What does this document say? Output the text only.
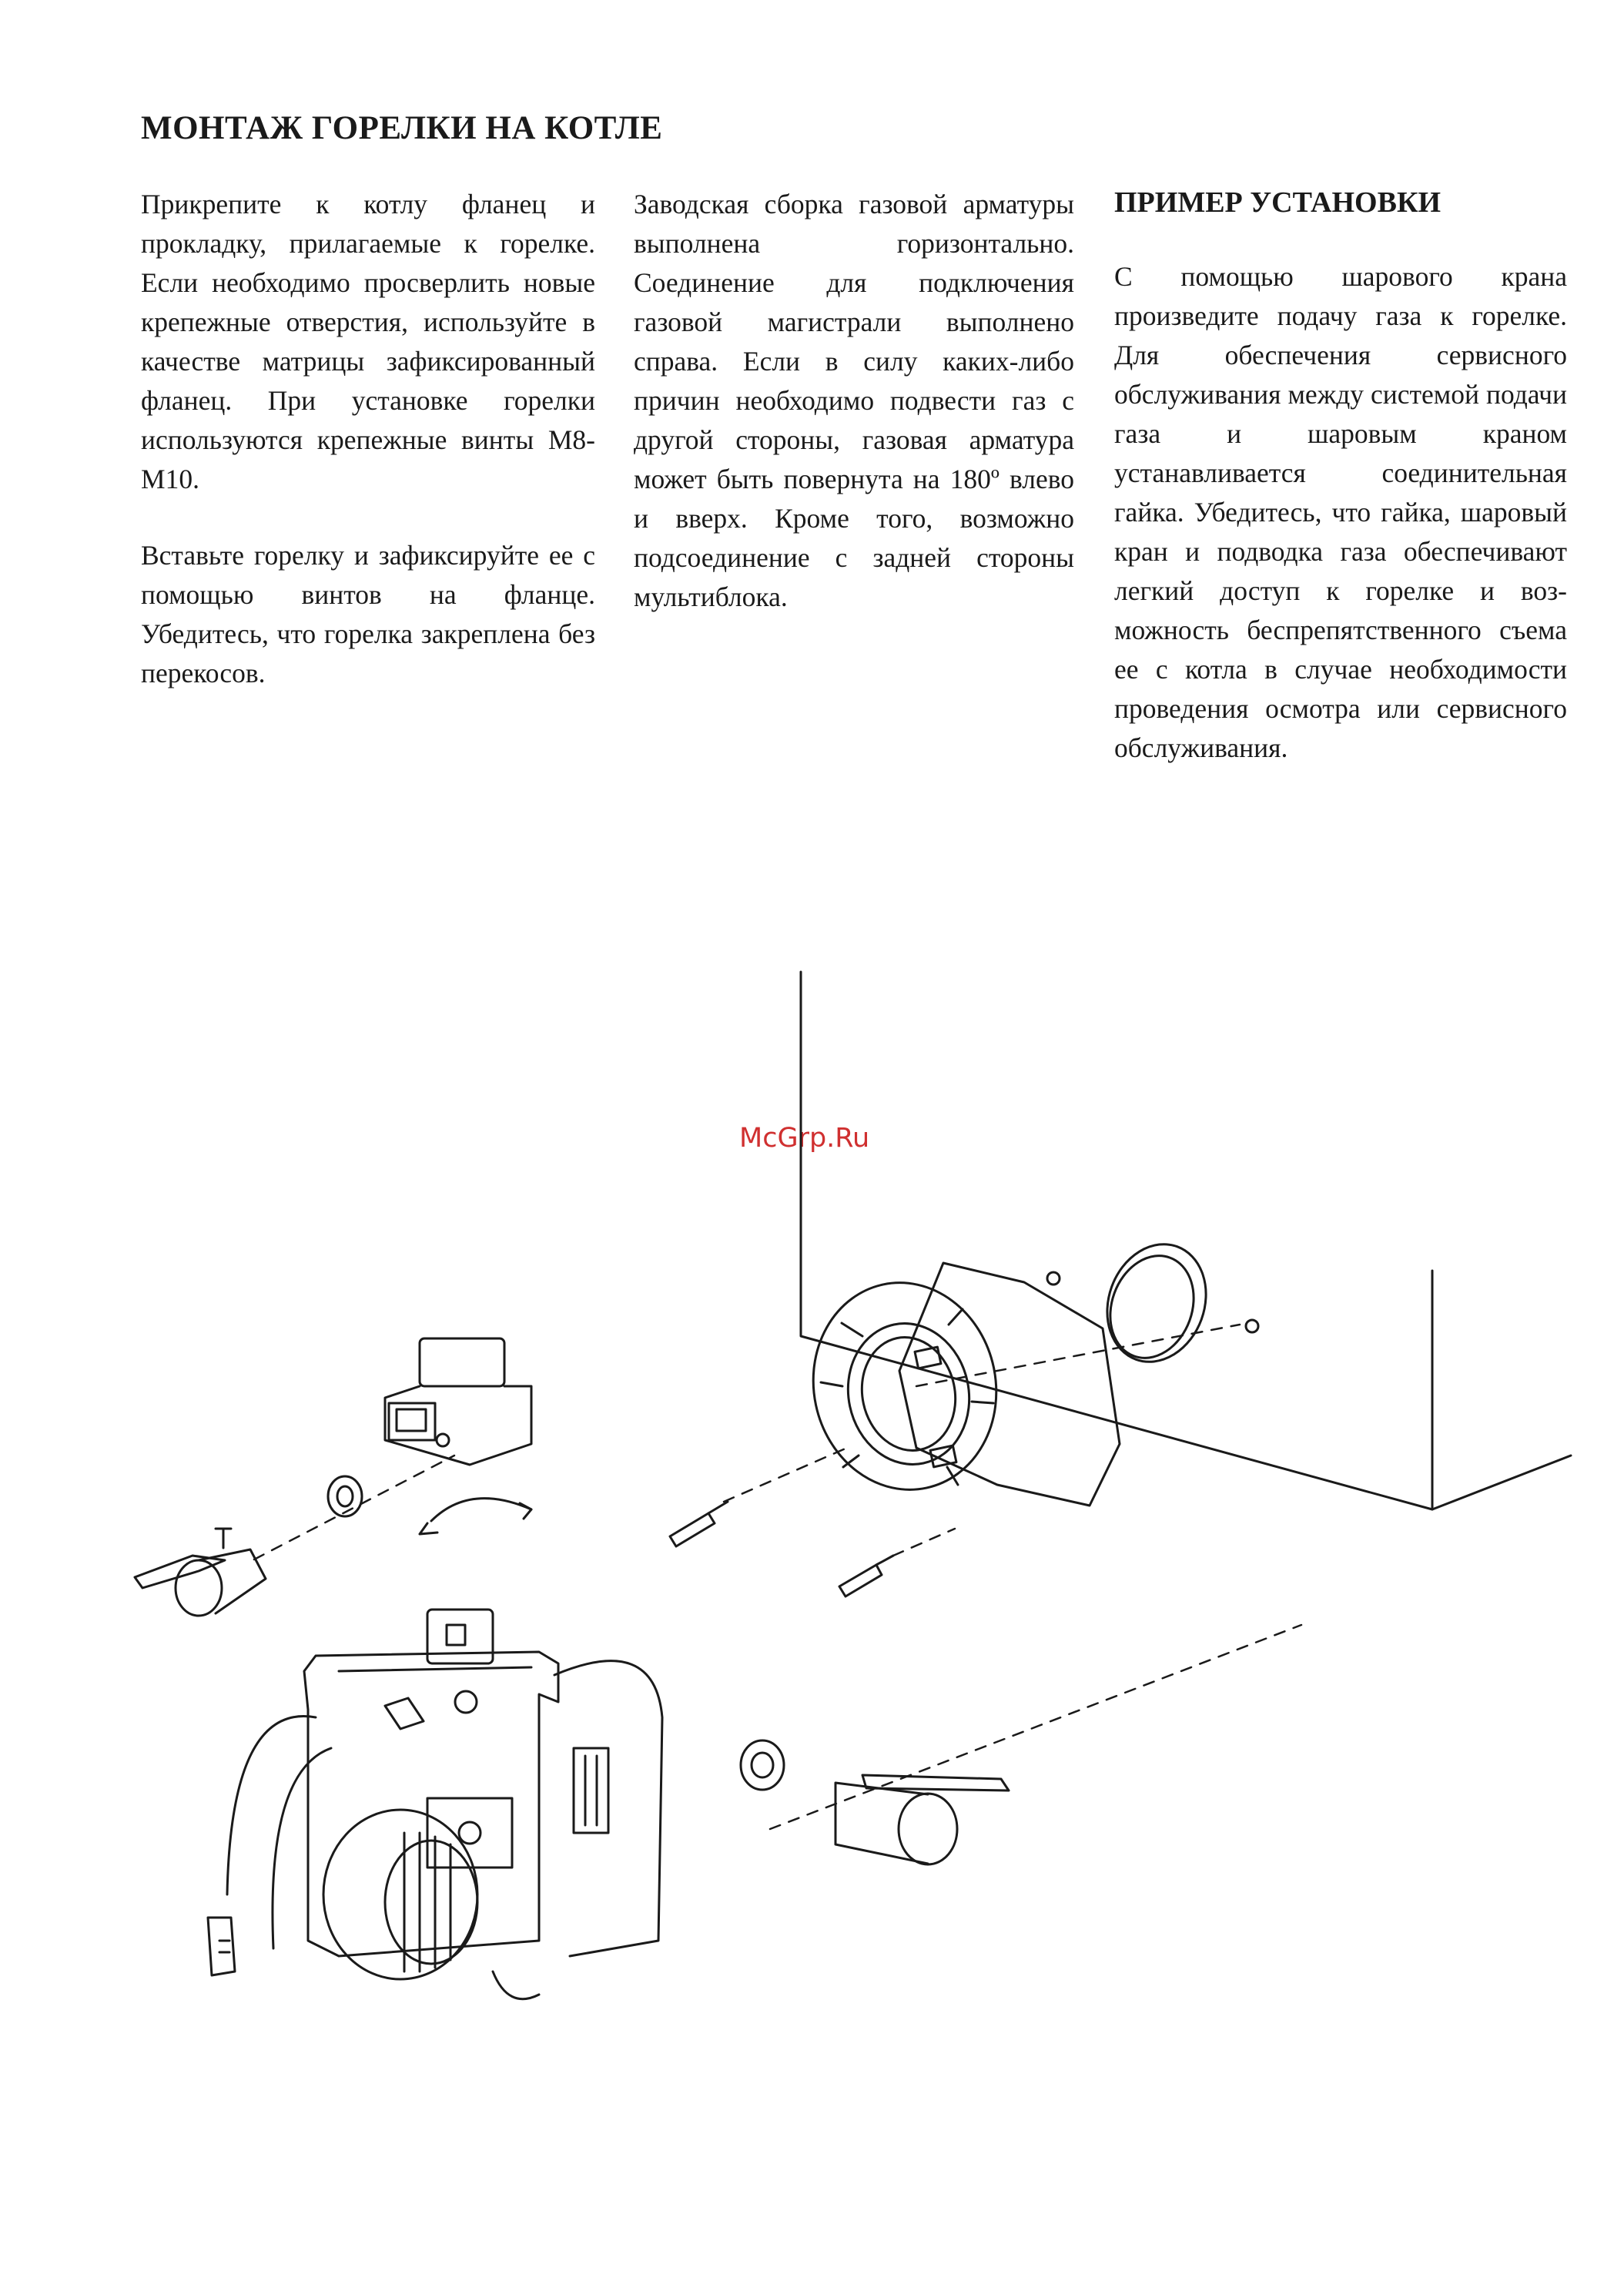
МОНТАЖ ГОРЕЛКИ НА КОТЛЕ

Прикрепите к котлу фланец и прокладку, прилагаемые к горелке. Если необходимо просверлить новые крепежные отверстия, используйте в качестве матрицы зафиксированный фланец. При установке горелки используются крепежные винты М8-М10.

Вставьте горелку и зафиксируйте ее с помощью винтов на фланце. Убедитесь, что горелка закреплена без перекосов.

Заводская сборка газовой арматуры выполнена горизонтально. Соединение для подключения газовой магистрали выполнено справа. Если в силу каких-либо причин необходимо подвести газ с другой стороны, газовая арматура может быть повернута на 180º влево и вверх. Кроме того, возможно подсоединение с задней стороны мультиблока.

ПРИМЕР УСТАНОВКИ

С помощью шарового крана произведите подачу газа к горелке. Для обеспечения сервисного обслуживания между системой подачи газа и шаровым краном устанавливается соединительная гайка. Убедитесь, что гайка, шаровый кран и подводка газа обеспечивают легкий доступ к горелке и возможность беспрепятственного съема ее с котла в случае необходимости проведения осмотра или сервисного обслуживания.

McGrp.Ru
